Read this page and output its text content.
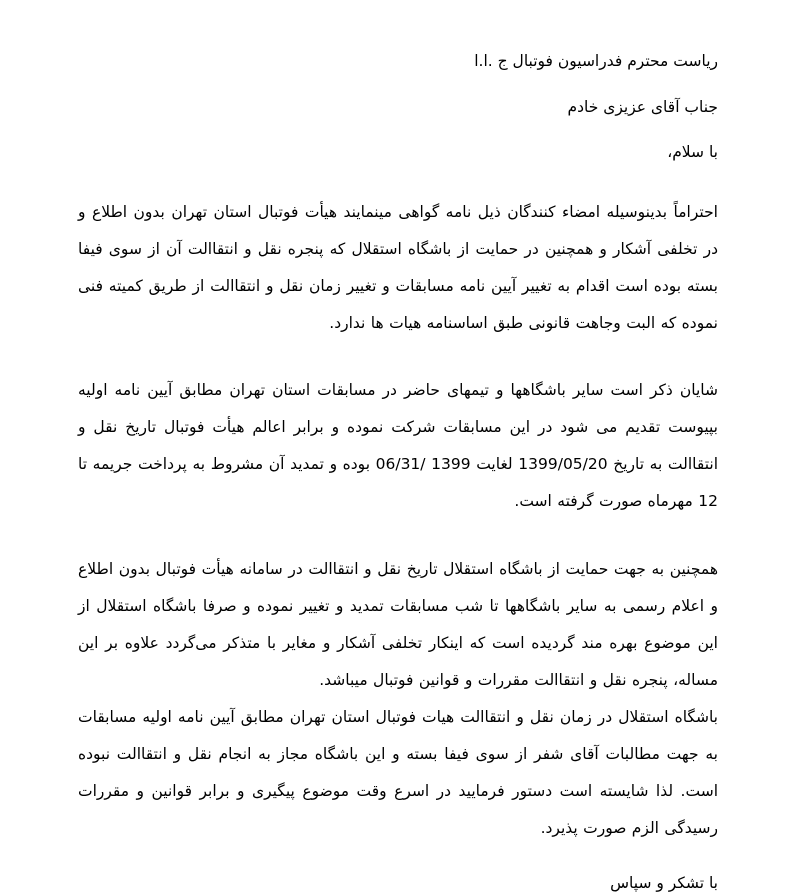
ریاست محترم فدراسیون فوتبال ج .ا.ا
جناب آقای عزیزی خادم
با سلام،

احتراماً بدینوسیله امضاء کنندگان ذیل نامه گواهی مینمایند هیأت فوتبال استان تهران بدون اطلاع و در تخلفی آشکار و همچنین در حمایت از باشگاه استقلال که پنجره نقل و انتقاالت آن از سوی فیفا بسته بوده است اقدام به تغییر آیین نامه مسابقات و تغییر زمان نقل و انتقاالت از طریق کمیته فنی نموده که البت وجاهت قانونی طبق اساسنامه هیات ها ندارد.

شایان ذکر است سایر باشگاهها و تیمهای حاضر در مسابقات استان تهران مطابق آیین نامه اولیه بپیوست تقدیم می شود در این مسابقات شرکت نموده و برابر اعالم هیأت فوتبال تاریخ نقل و انتقاالت به تاریخ 1399/05/20 لغایت 1399 /06/31 بوده و تمدید آن مشروط به پرداخت جریمه تا 12 مهرماه صورت گرفته است.

همچنین به جهت حمایت از باشگاه استقلال تاریخ نقل و انتقاالت در سامانه هیأت فوتبال بدون اطلاع و اعلام رسمی به سایر باشگاهها تا شب مسابقات تمدید و تغییر نموده و صرفا باشگاه استقلال از این موضوع بهره مند گردیده است که اینکار تخلفی آشکار و مغایر با متذکر می‌گردد علاوه بر این مساله، پنجره نقل و انتقاالت مقررات و قوانین فوتبال میباشد.

باشگاه استقلال در زمان نقل و انتقاالت هیات فوتبال استان تهران مطابق آیین نامه اولیه مسابقات به جهت مطالبات آقای شفر از سوی فیفا بسته و این باشگاه مجاز به انجام نقل و انتقاالت نبوده است. لذا شایسته است دستور فرمایید در اسرع وقت موضوع پیگیری و برابر قوانین و مقررات رسیدگی الزم صورت پذیرد.

با تشکر و سپاس
